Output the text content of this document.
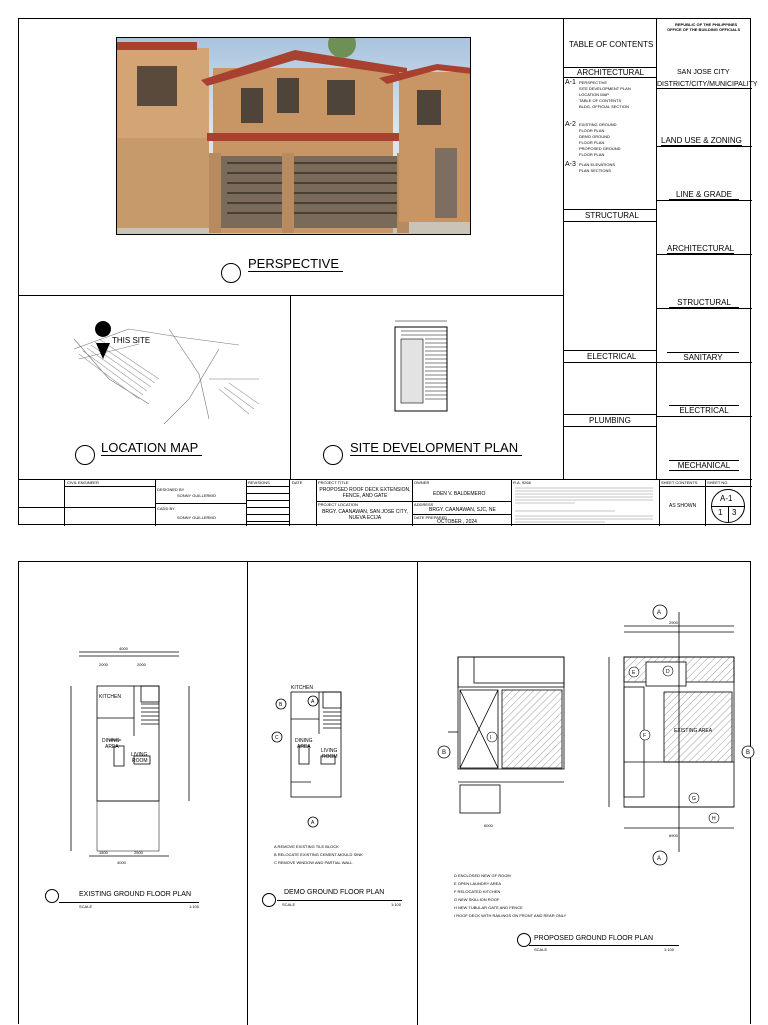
PERSPECTIVE
THIS SITE
LOCATION MAP	SITE DEVELOPMENT PLAN
TABLE OF CONTENTS
ARCHITECTURAL
A-1 PERSPECTIVE
SITE DEVELOPMENT PLAN
LOCATION MAP
TABLE OF CONTENTS
BLDG. OFFICIAL SECTION
A-2 EXISTING GROUND
FLOOR PLAN
DEMO GROUND
FLOOR PLAN
PROPOSED GROUND
FLOOR PLAN
A-3 PLAN ELEVATIONS
PLAN SECTIONS
STRUCTURAL
ELECTRICAL
PLUMBING
REPUBLIC OF THE PHILIPPINES
OFFICE OF THE BUILDING OFFICIALS
SAN JOSE CITY
DISTRICT/CITY/MUNICIPALITY
LAND USE & ZONING
LINE & GRADE
ARCHITECTURAL
STRUCTURAL
SANITARY
ELECTRICAL
MECHANICAL
CIVIL ENGINEER
DESIGNED BY
SONNY GUILLERMO
CADD BY
SONNY GUILLERMO
REVISIONS	DATE	PROJECT TITLE
PROPOSED ROOF DECK EXTENSION, FENCE, AND GATE
PROJECT LOCATION
BRGY. CAANAWAN, SAN JOSE CITY, NUEVA ECIJA
OWNER
EDEN V. BALDEMERO
ADDRESS
BRGY. CAANAWAN, SJC, NE
DATE PREPARED
OCTOBER , 2024
R.A. 9266	SHEET CONTENTS SHEET NO.
AS SHOWN
A-1
1 3
4000
2000	2000
1500	2500
4000
KITCHEN
DINING
AREA
LIVING
ROOM
EXISTING GROUND FLOOR PLAN
SCALE	1:100
KITCHEN
DINING
AREA
LIVING
ROOM
B	A
C
A
A REMOVE EXISTING TILE BLOCK
B RELOCATE EXISTING CEMENT-MOULD SINK
C REMOVE WINDOW AND PARTIAL WALL
DEMO GROUND FLOOR PLAN
SCALE	1:100
B
I
A
A
B
D
E
F
G
H
EXISTING AREA
2900
6900
6000
D ENCLOSED NEW GF ROOM
E OPEN LAUNDRY AREA
F RELOCATED KITCHEN
G NEW SKILLION ROOF
H NEW TUBULAR GATE AND FENCE
I ROOF DECK WITH RAILINGS ON FRONT AND REAR ONLY
PROPOSED GROUND FLOOR PLAN
SCALE	1:100
